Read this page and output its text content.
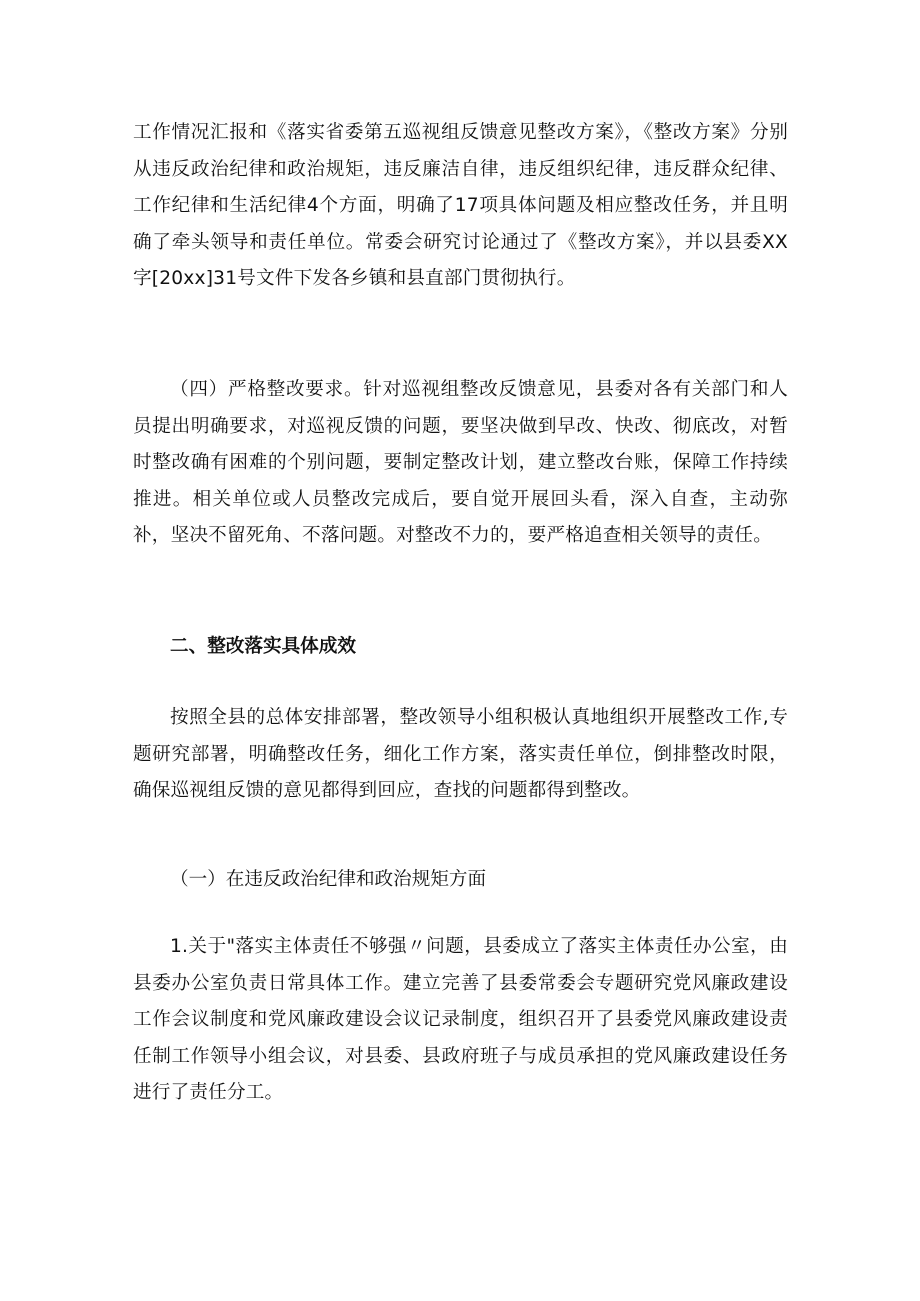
工作情况汇报和《落实省委第五巡视组反馈意见整改方案》，《整改方案》分别从违反政治纪律和政治规矩，违反廉洁自律，违反组织纪律，违反群众纪律、工作纪律和生活纪律4个方面，明确了17项具体问题及相应整改任务，并且明确了牵头领导和责任单位。常委会研究讨论通过了《整改方案》，并以县委XX字[20xx]31号文件下发各乡镇和县直部门贯彻执行。

（四）严格整改要求。针对巡视组整改反馈意见，县委对各有关部门和人员提出明确要求，对巡视反馈的问题，要坚决做到早改、快改、彻底改，对暂时整改确有困难的个别问题，要制定整改计划，建立整改台账，保障工作持续推进。相关单位或人员整改完成后，要自觉开展回头看，深入自查，主动弥补，坚决不留死角、不落问题。对整改不力的，要严格追查相关领导的责任。

二、整改落实具体成效

按照全县的总体安排部署，整改领导小组积极认真地组织开展整改工作,专题研究部署，明确整改任务，细化工作方案，落实责任单位，倒排整改时限，确保巡视组反馈的意见都得到回应，查找的问题都得到整改。

（一）在违反政治纪律和政治规矩方面

1.关于"落实主体责任不够强〃问题，县委成立了落实主体责任办公室，由县委办公室负责日常具体工作。建立完善了县委常委会专题研究党风廉政建设工作会议制度和党风廉政建设会议记录制度，组织召开了县委党风廉政建设责任制工作领导小组会议，对县委、县政府班子与成员承担的党风廉政建设任务进行了责任分工。
